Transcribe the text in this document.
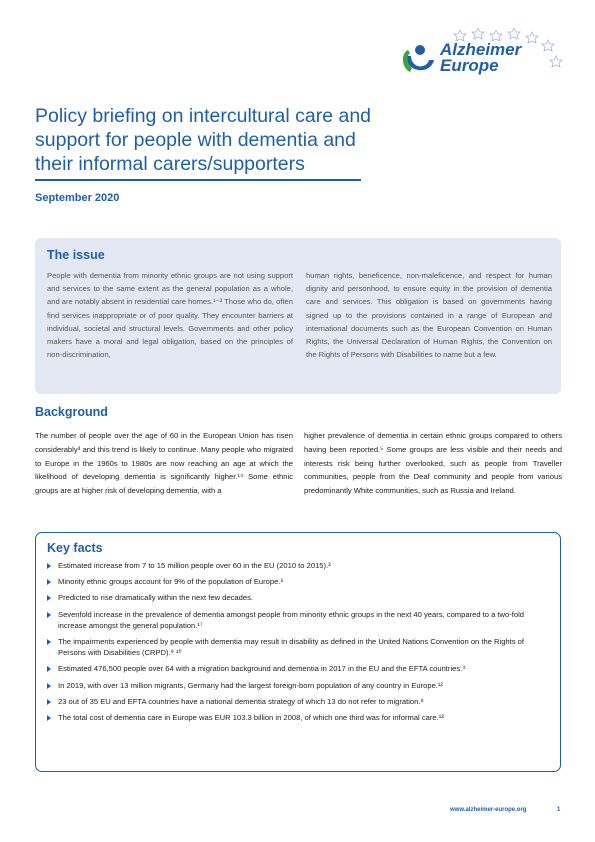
Alzheimer
Europe
Policy briefing on intercultural care and support for people with dementia and their informal carers/supporters
September 2020
The issue

People with dementia from minority ethnic groups are not using support and services to the same extent as the general population as a whole, and are notably absent in residential care homes.¹⁻³ Those who do, often find services inappropriate or of poor quality. They encounter barriers at individual, societal and structural levels. Governments and other policy makers have a moral and legal obligation, based on the principles of non-discrimination,

human rights, beneficence, non-maleficence, and respect for human dignity and personhood, to ensure equity in the provision of dementia care and services. This obligation is based on governments having signed up to the provisions contained in a range of European and international documents such as the European Convention on Human Rights, the Universal Declaration of Human Rights, the Convention on the Rights of Persons with Disabilities to name but a few.

Background

The number of people over the age of 60 in the European Union has risen considerably³ and this trend is likely to continue. Many people who migrated to Europe in the 1960s to 1980s are now reaching an age at which the likelihood of developing dementia is significantly higher.¹⁴ Some ethnic groups are at higher risk of developing dementia, with a

higher prevalence of dementia in certain ethnic groups compared to others having been reported.⁵ Some groups are less visible and their needs and interests risk being further overlooked, such as people from Traveller communities, people from the Deaf community and people from various predominantly White communities, such as Russia and Ireland.

Key facts
Estimated increase from 7 to 15 million people over 60 in the EU (2010 to 2015).³
Minority ethnic groups account for 9% of the population of Europe.⁶
Predicted to rise dramatically within the next few decades.
Sevenfold increase in the prevalence of dementia amongst people from minority ethnic groups in the next 40 years, compared to a two-fold increase amongst the general population.¹⁷
The impairments experienced by people with dementia may result in disability as defined in the United Nations Convention on the Rights of Persons with Disabilities (CRPD).⁹ ¹⁰
Estimated 476,500 people over 64 with a migration background and dementia in 2017 in the EU and the EFTA countries.⁴
In 2019, with over 13 million migrants, Germany had the largest foreign-born population of any country in Europe.¹²
23 out of 35 EU and EFTA countries have a national dementia strategy of which 13 do not refer to migration.⁸
The total cost of dementia care in Europe was EUR 103.3 billion in 2008, of which one third was for informal care.¹³
www.alzheimer-europe.org	1
